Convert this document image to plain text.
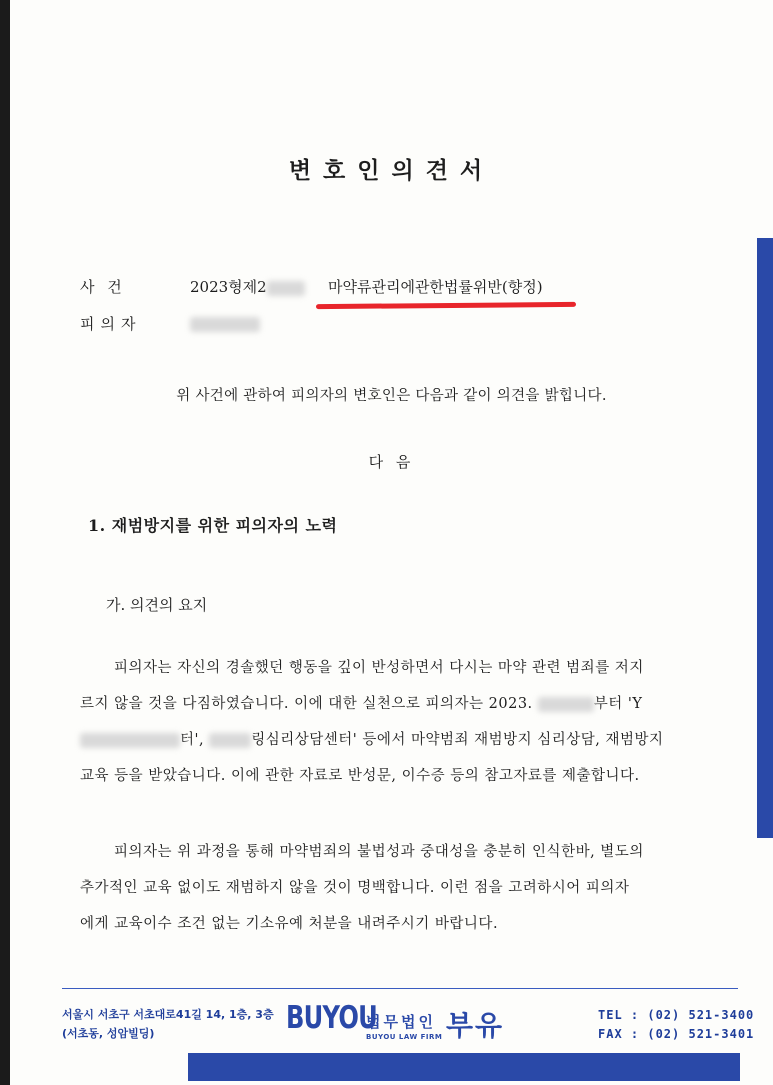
변호인의견서
사 건	2023형제2	마약류관리에관한법률위반(향정)
피의자
위 사건에 관하여 피의자의 변호인은 다음과 같이 의견을 밝힙니다.
다 음
1. 재범방지를 위한 피의자의 노력
가. 의견의 요지
피의자는 자신의 경솔했던 행동을 깊이 반성하면서 다시는 마약 관련 범죄를 저지
르지 않을 것을 다짐하였습니다. 이에 대한 실천으로 피의자는 2023.	부터 'Y
터',	링심리상담센터' 등에서 마약범죄 재범방지 심리상담, 재범방지
교육 등을 받았습니다. 이에 관한 자료로 반성문, 이수증 등의 참고자료를 제출합니다.
피의자는 위 과정을 통해 마약범죄의 불법성과 중대성을 충분히 인식한바, 별도의
추가적인 교육 없이도 재범하지 않을 것이 명백합니다. 이런 점을 고려하시어 피의자
에게 교육이수 조건 없는 기소유예 처분을 내려주시기 바랍니다.
서울시 서초구 서초대로41길 14, 1층, 3층
(서초동, 성암빌딩)	BUYOU
법무법인
BUYOU LAW FIRM 부유	TEL : (02) 521-3400
FAX : (02) 521-3401
